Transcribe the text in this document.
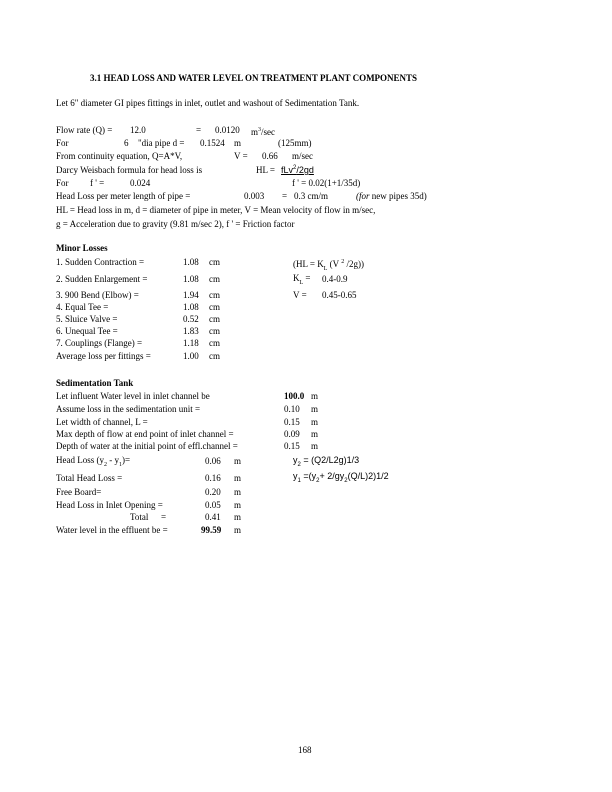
3.1 HEAD LOSS AND WATER LEVEL ON TREATMENT PLANT COMPONENTS
Let 6" diameter GI pipes fittings in inlet, outlet and washout of Sedimentation Tank.
Flow rate (Q) = 12.0	= 0.0120 $m^3/\sec$
For	6 "dia pipe d = 0.1524 m	(125mm)
From continuity equation, Q=A*V,	V = 0.66 m/sec
Darcy Weisbach formula for head loss is	HL = fLv$^2$/2gd
For f ' =	0.024	f ' = 0.02(1+1/35d)
Head Loss per meter length of pipe =	0.003 = 0.3 cm/m	(for new pipes 35d)
HL = Head loss in m, d = diameter of pipe in meter, V = Mean velocity of flow in m/sec,
g = Acceleration due to gravity (9.81 m/sec 2), f ' = Friction factor
Minor Losses
1. Sudden Contraction =	1.08 cm
2. Sudden Enlargement =	1.08 cm
3. 900 Bend (Elbow) =	1.94 cm
4. Equal Tee =	1.08 cm
5. Sluice Valve =	0.52 cm
6. Unequal Tee =	1.83 cm
7. Couplings (Flange) =	1.18 cm
Average loss per fittings =	1.00 cm
($HL = K_L$ (V $^2$ /2g))
$K_L = 0.4-0.9$
V = 0.45-0.65
Sedimentation Tank
Let influent Water level in inlet channel be	100.0 m
Assume loss in the sedimentation unit =	0.10 m
Let width of channel, L =	0.15 m
Max depth of flow at end point of inlet channel =	0.09 m
Depth of water at the initial point of effl.channel =	0.15 m
Head Loss $(y_2 - y_1)=$	0.06 m	$y_2 = (Q2/L2g)1/3$
Total Head Loss =	0.16 m	$y_1 =(y_2+ 2/gy_2(Q/L)2)1/2$
Free Board=	0.20 m
Head Loss in Inlet Opening =	0.05 m
Total =	0.41 m
Water level in the effluent be =	99.59 m
168
